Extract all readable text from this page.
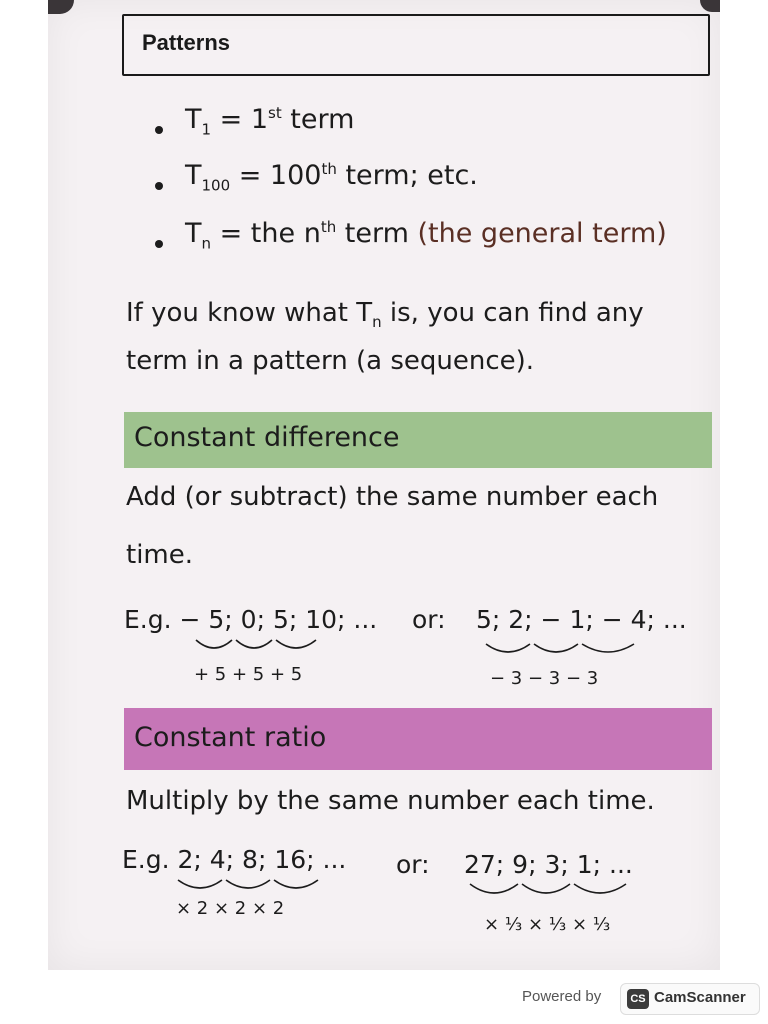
Patterns
$T_1 = 1st$ term
$T_{100} = 100th$ term; etc.
$T_n$ = the $n^{th}$ term (the general term)
If you know what $T_n$ is, you can find any
term in a pattern (a sequence).
Constant difference
Add (or subtract) the same number each
time.
E.g. − 5; 0; 5; 10; ... or: 5; 2; − 1; − 4; ...
+ 5 + 5 + 5	− 3 − 3 − 3
Constant ratio
Multiply by the same number each time.
E.g. 2; 4; 8; 16; ... or: 27; 9; 3; 1; ...
× 2 × 2 × 2
× ⅓ × ⅓ × ⅓
Powered by	CS CamScanner
